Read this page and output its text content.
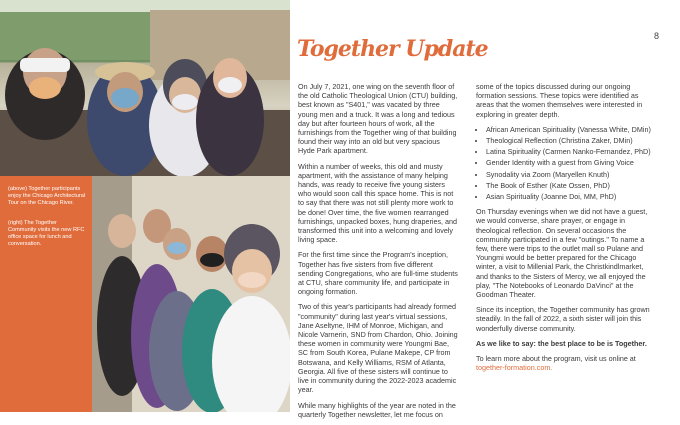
(above) Together participants enjoy the Chicago Architectural Tour on the Chicago River.
(right) The Together Community visits the new RFC office space for lunch and conversation.
8
Together Update

On July 7, 2021, one wing on the seventh floor of the old Catholic Theological Union (CTU) building, best known as "S401," was vacated by three young men and a truck. It was a long and tedious day but after fourteen hours of work, all the furnishings from the Together wing of that building found their way into an old but very spacious Hyde Park apartment.

Within a number of weeks, this old and musty apartment, with the assistance of many helping hands, was ready to receive five young sisters who would soon call this space home. This is not to say that there was not still plenty more work to be done! Over time, the five women rearranged furnishings, unpacked boxes, hung draperies, and transformed this unit into a welcoming and lovely living space.

For the first time since the Program's inception, Together has five sisters from five different sending Congregations, who are full-time students at CTU, share community life, and participate in ongoing formation.

Two of this year's participants had already formed "community" during last year's virtual sessions, Jane Aseltyne, IHM of Monroe, Michigan, and Nicole Varnerin, SND from Chardon, Ohio. Joining these women in community were Youngmi Bae, SC from South Korea, Pulane Makepe, CP from Botswana, and Kelly Williams, RSM of Atlanta, Georgia. All five of these sisters will continue to live in community during the 2022-2023 academic year.

While many highlights of the year are noted in the quarterly Together newsletter, let me focus on

some of the topics discussed during our ongoing formation sessions. These topics were identified as areas that the women themselves were interested in exploring in greater depth.

• African American Spirituality (Vanessa White, DMin)
• Theological Reflection (Christina Zaker, DMin)
• Latina Spirituality (Carmen Nanko-Fernandez, PhD)
• Gender Identity with a guest from Giving Voice
• Synodality via Zoom (Maryellen Knuth)
• The Book of Esther (Kate Ossen, PhD)
• Asian Spirituality (Joanne Doi, MM, PhD)

On Thursday evenings when we did not have a guest, we would converse, share prayer, or engage in theological reflection. On several occasions the community participated in a few "outings." To name a few, there were trips to the outlet mall so Pulane and Youngmi would be better prepared for the Chicago winter, a visit to Millenial Park, the Christkindlmarket, and thanks to the Sisters of Mercy, we all enjoyed the play, "The Notebooks of Leonardo DaVinci" at the Goodman Theater.

Since its inception, the Together community has grown steadily. In the fall of 2022, a sixth sister will join this wonderfully diverse community.

As we like to say: the best place to be is Together.

To learn more about the program, visit us online at

together-formation.com.
